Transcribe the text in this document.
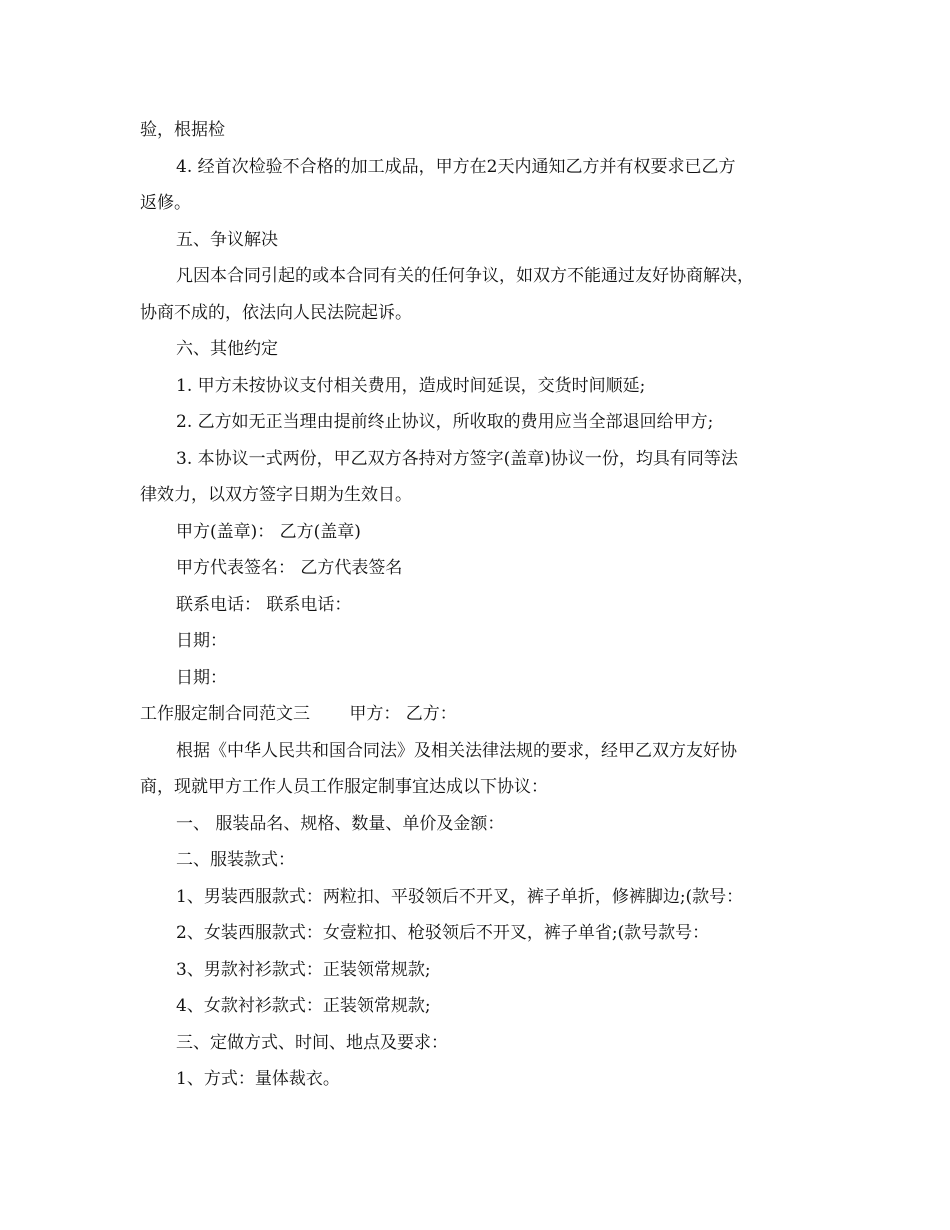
验，根据检
4. 经首次检验不合格的加工成品，甲方在2天内通知乙方并有权要求已乙方
返修。
五、争议解决
凡因本合同引起的或本合同有关的任何争议，如双方不能通过友好协商解决，
协商不成的，依法向人民法院起诉。
六、其他约定
1. 甲方未按协议支付相关费用，造成时间延误，交货时间顺延;
2. 乙方如无正当理由提前终止协议，所收取的费用应当全部退回给甲方;
3. 本协议一式两份，甲乙双方各持对方签字(盖章)协议一份，均具有同等法
律效力，以双方签字日期为生效日。
甲方(盖章)： 乙方(盖章)
甲方代表签名： 乙方代表签名
联系电话： 联系电话：
日期：
日期：
工作服定制合同范文三　　 甲方： 乙方：
根据《中华人民共和国合同法》及相关法律法规的要求，经甲乙双方友好协
商，现就甲方工作人员工作服定制事宜达成以下协议：
一、 服装品名、规格、数量、单价及金额：
二、服装款式：
1、男装西服款式：两粒扣、平驳领后不开叉，裤子单折，修裤脚边;(款号：
2、女装西服款式：女壹粒扣、枪驳领后不开叉，裤子单省;(款号款号：
3、男款衬衫款式：正装领常规款;
4、女款衬衫款式：正装领常规款;
三、定做方式、时间、地点及要求：
1、方式：量体裁衣。
